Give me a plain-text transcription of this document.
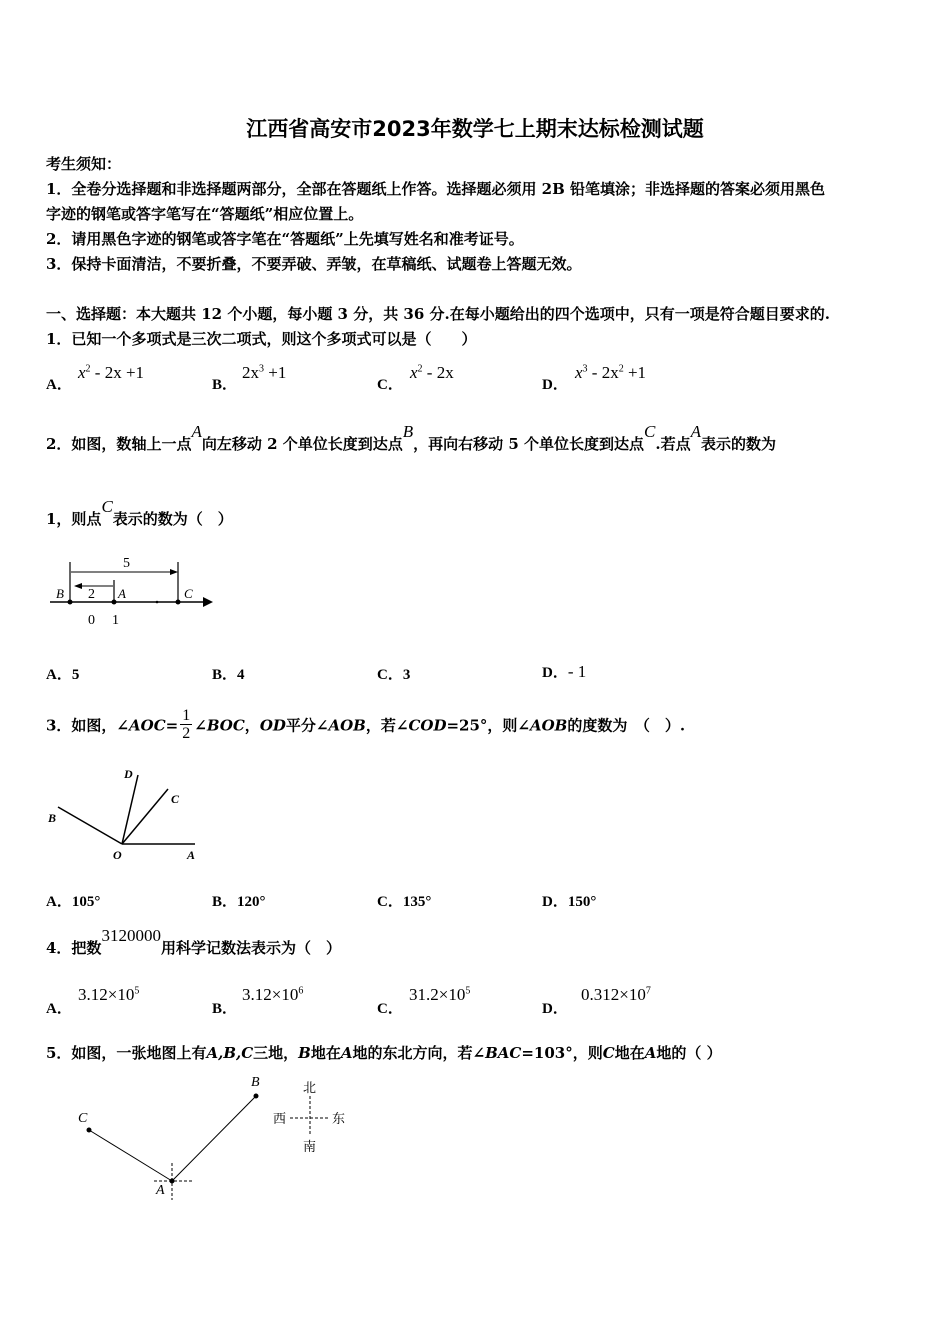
江西省高安市2023年数学七上期末达标检测试题
考生须知：
1．全卷分选择题和非选择题两部分，全部在答题纸上作答。选择题必须用 2B 铅笔填涂；非选择题的答案必须用黑色
字迹的钢笔或答字笔写在“答题纸”相应位置上。
2．请用黑色字迹的钢笔或答字笔在“答题纸”上先填写姓名和准考证号。
3．保持卡面清洁，不要折叠，不要弄破、弄皱，在草稿纸、试题卷上答题无效。
一、选择题：本大题共 12 个小题，每小题 3 分，共 36 分.在每小题给出的四个选项中，只有一项是符合题目要求的.
1．已知一个多项式是三次二项式，则这个多项式可以是（　　）
A．
$x^2 - 2x +1$
B．
$2x^3 +1$
C．
$x^2 - 2x$
D．
$x^3 - 2x^2 +1$
2．如图，数轴上一点A向左移动 2 个单位长度到达点B，再向右移动 5 个单位长度到达点C.若点A表示的数为
1，则点C表示的数为（　）
5
2
B	A	C
0 1
A．5	B．4	C．3	D．- 1
3．如图，∠AOC= $\frac{1}{2}$ ∠BOC，OD平分∠AOB，若∠COD=25°，则∠AOB的度数为　（　）.
D
C
B
O	A
A．105°	B．120°	C．135°	D．150°
4．把数3120000用科学记数法表示为（　）
A．
$3.12\times 10^5$
B．
$3.12\times 10^6$
C．
$31.2\times 10^5$
D．
$0.312\times 10^7$
5．如图，一张地图上有A,B,C三地，B地在A地的东北方向，若∠BAC=103°，则C地在A地的（ ）
B
C
A
北
南
西	东
